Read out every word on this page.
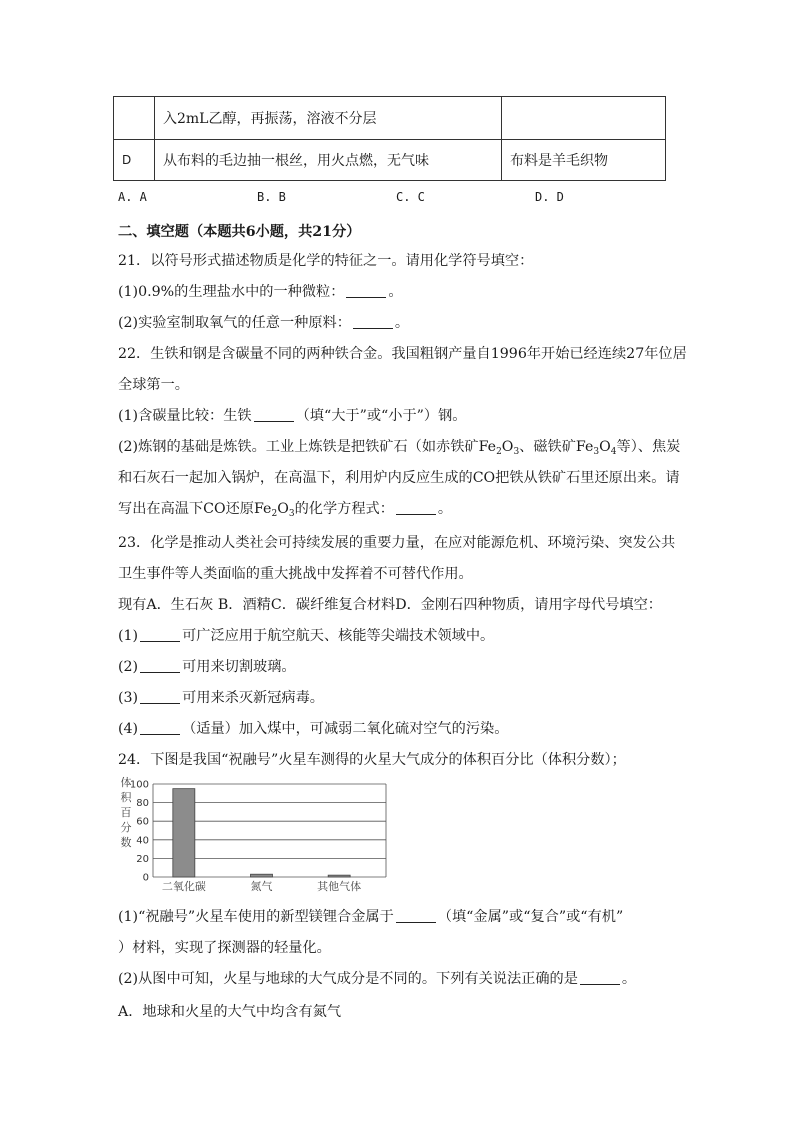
	入2mL乙醇，再振荡，溶液不分层	
D	从布料的毛边抽一根丝，用火点燃，无气味	布料是羊毛织物
A. A	B. B	C. C	D. D
二、填空题（本题共6小题，共21分）
21．以符号形式描述物质是化学的特征之一。请用化学符号填空：
(1)0.9%的生理盐水中的一种微粒：	。
(2)实验室制取氧气的任意一种原料：	。
22．生铁和钢是含碳量不同的两种铁合金。我国粗钢产量自1996年开始已经连续27年位居
全球第一。
(1)含碳量比较：生铁	（填“大于”或“小于”）钢。
(2)炼钢的基础是炼铁。工业上炼铁是把铁矿石（如赤铁矿$Fe_2O_3$、磁铁矿$Fe_3O_4$等）、焦炭
和石灰石一起加入锅炉，在高温下，利用炉内反应生成的CO把铁从铁矿石里还原出来。请
写出在高温下CO还原$Fe_2O_3$的化学方程式：	。
23．化学是推动人类社会可持续发展的重要力量，在应对能源危机、环境污染、突发公共
卫生事件等人类面临的重大挑战中发挥着不可替代作用。
现有A．生石灰 B．酒精C．碳纤维复合材料D．金刚石四种物质，请用字母代号填空：
(1)	可广泛应用于航空航天、核能等尖端技术领域中。
(2)	可用来切割玻璃。
(3)	可用来杀灭新冠病毒。
(4)	（适量）加入煤中，可减弱二氧化硫对空气的污染。
24．下图是我国“祝融号”火星车测得的火星大气成分的体积百分比（体积分数）；
0
20
40
60
80
100
体
积
百
分
数
二氧化碳	氮气	其他气体
(1)“祝融号”火星车使用的新型镁锂合金属于	（填“金属”或“复合”或“有机”
）材料，实现了探测器的轻量化。
(2)从图中可知，火星与地球的大气成分是不同的。下列有关说法正确的是	。
A．地球和火星的大气中均含有氮气
